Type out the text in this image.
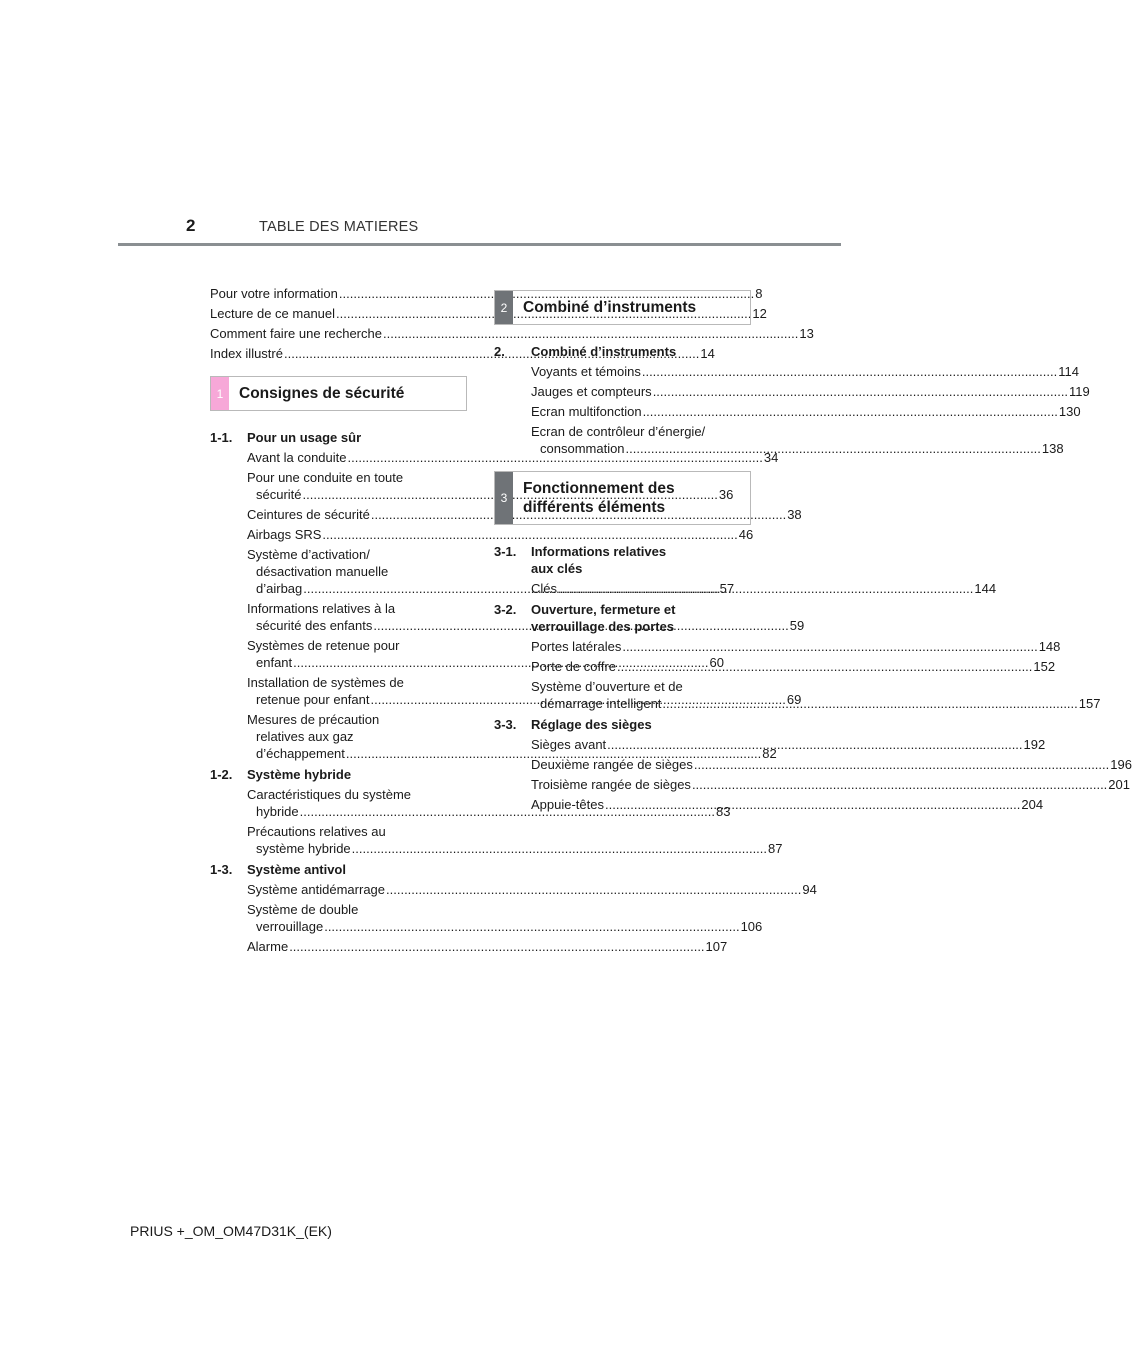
2	TABLE DES MATIERES
Pour votre information .....	8
Lecture de ce manuel .....	12
Comment faire une recherche .....	13
Index illustré .....	14
1	Consignes de sécurité
1-1.	Pour un usage sûr
Avant la conduite .....	34
Pour une conduite en toute
sécurité .....	36
Ceintures de sécurité .....	38
Airbags SRS .....	46
Système d’activation/
désactivation manuelle
d’airbag .....	57
Informations relatives à la
sécurité des enfants .....	59
Systèmes de retenue pour
enfant .....	60
Installation de systèmes de
retenue pour enfant .....	69
Mesures de précaution
relatives aux gaz
d’échappement .....	82
1-2.	Système hybride
Caractéristiques du système
hybride .....	83
Précautions relatives au
système hybride .....	87
1-3.	Système antivol
Système antidémarrage .....	94
Système de double
verrouillage .....	106
Alarme .....	107
2	Combiné d’instruments
2.	Combiné d’instruments
Voyants et témoins .....	114
Jauges et compteurs .....	119
Ecran multifonction .....	130
Ecran de contrôleur d’énergie/
consommation .....	138
3
Fonctionnement des
différents éléments
3-1.	Informations relatives
aux clés
Clés .....	144
3-2.	Ouverture, fermeture et
verrouillage des portes
Portes latérales .....	148
Porte de coffre .....	152
Système d’ouverture et de
démarrage intelligent .....	157
3-3.	Réglage des sièges
Sièges avant .....	192
Deuxième rangée de sièges .....	196
Troisième rangée de sièges .....	201
Appuie-têtes .....	204
PRIUS +_OM_OM47D31K_(EK)
